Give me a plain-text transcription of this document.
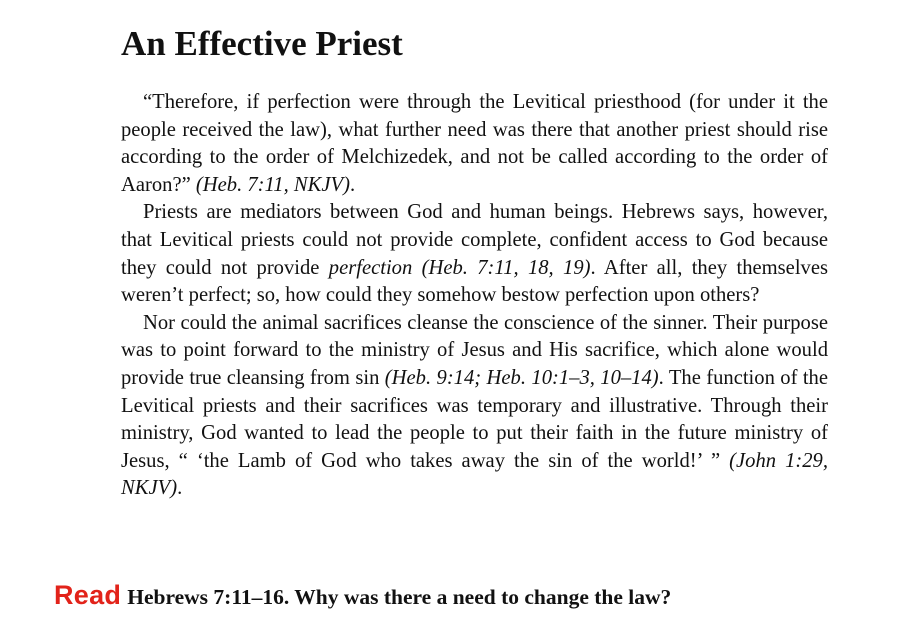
An Effective Priest

“Therefore, if perfection were through the Levitical priesthood (for under it the people received the law), what further need was there that another priest should rise according to the order of Melchizedek, and not be called according to the order of Aaron?” (Heb. 7:11, NKJV).

Priests are mediators between God and human beings. Hebrews says, however, that Levitical priests could not provide complete, confident access to God because they could not provide perfection (Heb. 7:11, 18, 19). After all, they themselves weren’t perfect; so, how could they somehow bestow perfection upon others?

Nor could the animal sacrifices cleanse the conscience of the sinner. Their purpose was to point forward to the ministry of Jesus and His sacrifice, which alone would provide true cleansing from sin (Heb. 9:14; Heb. 10:1–3, 10–14). The function of the Levitical priests and their sacrifices was temporary and illustrative. Through their ministry, God wanted to lead the people to put their faith in the future ministry of Jesus, “ ‘the Lamb of God who takes away the sin of the world!’ ” (John 1:29, NKJV).

Read Hebrews 7:11–16. Why was there a need to change the law?
